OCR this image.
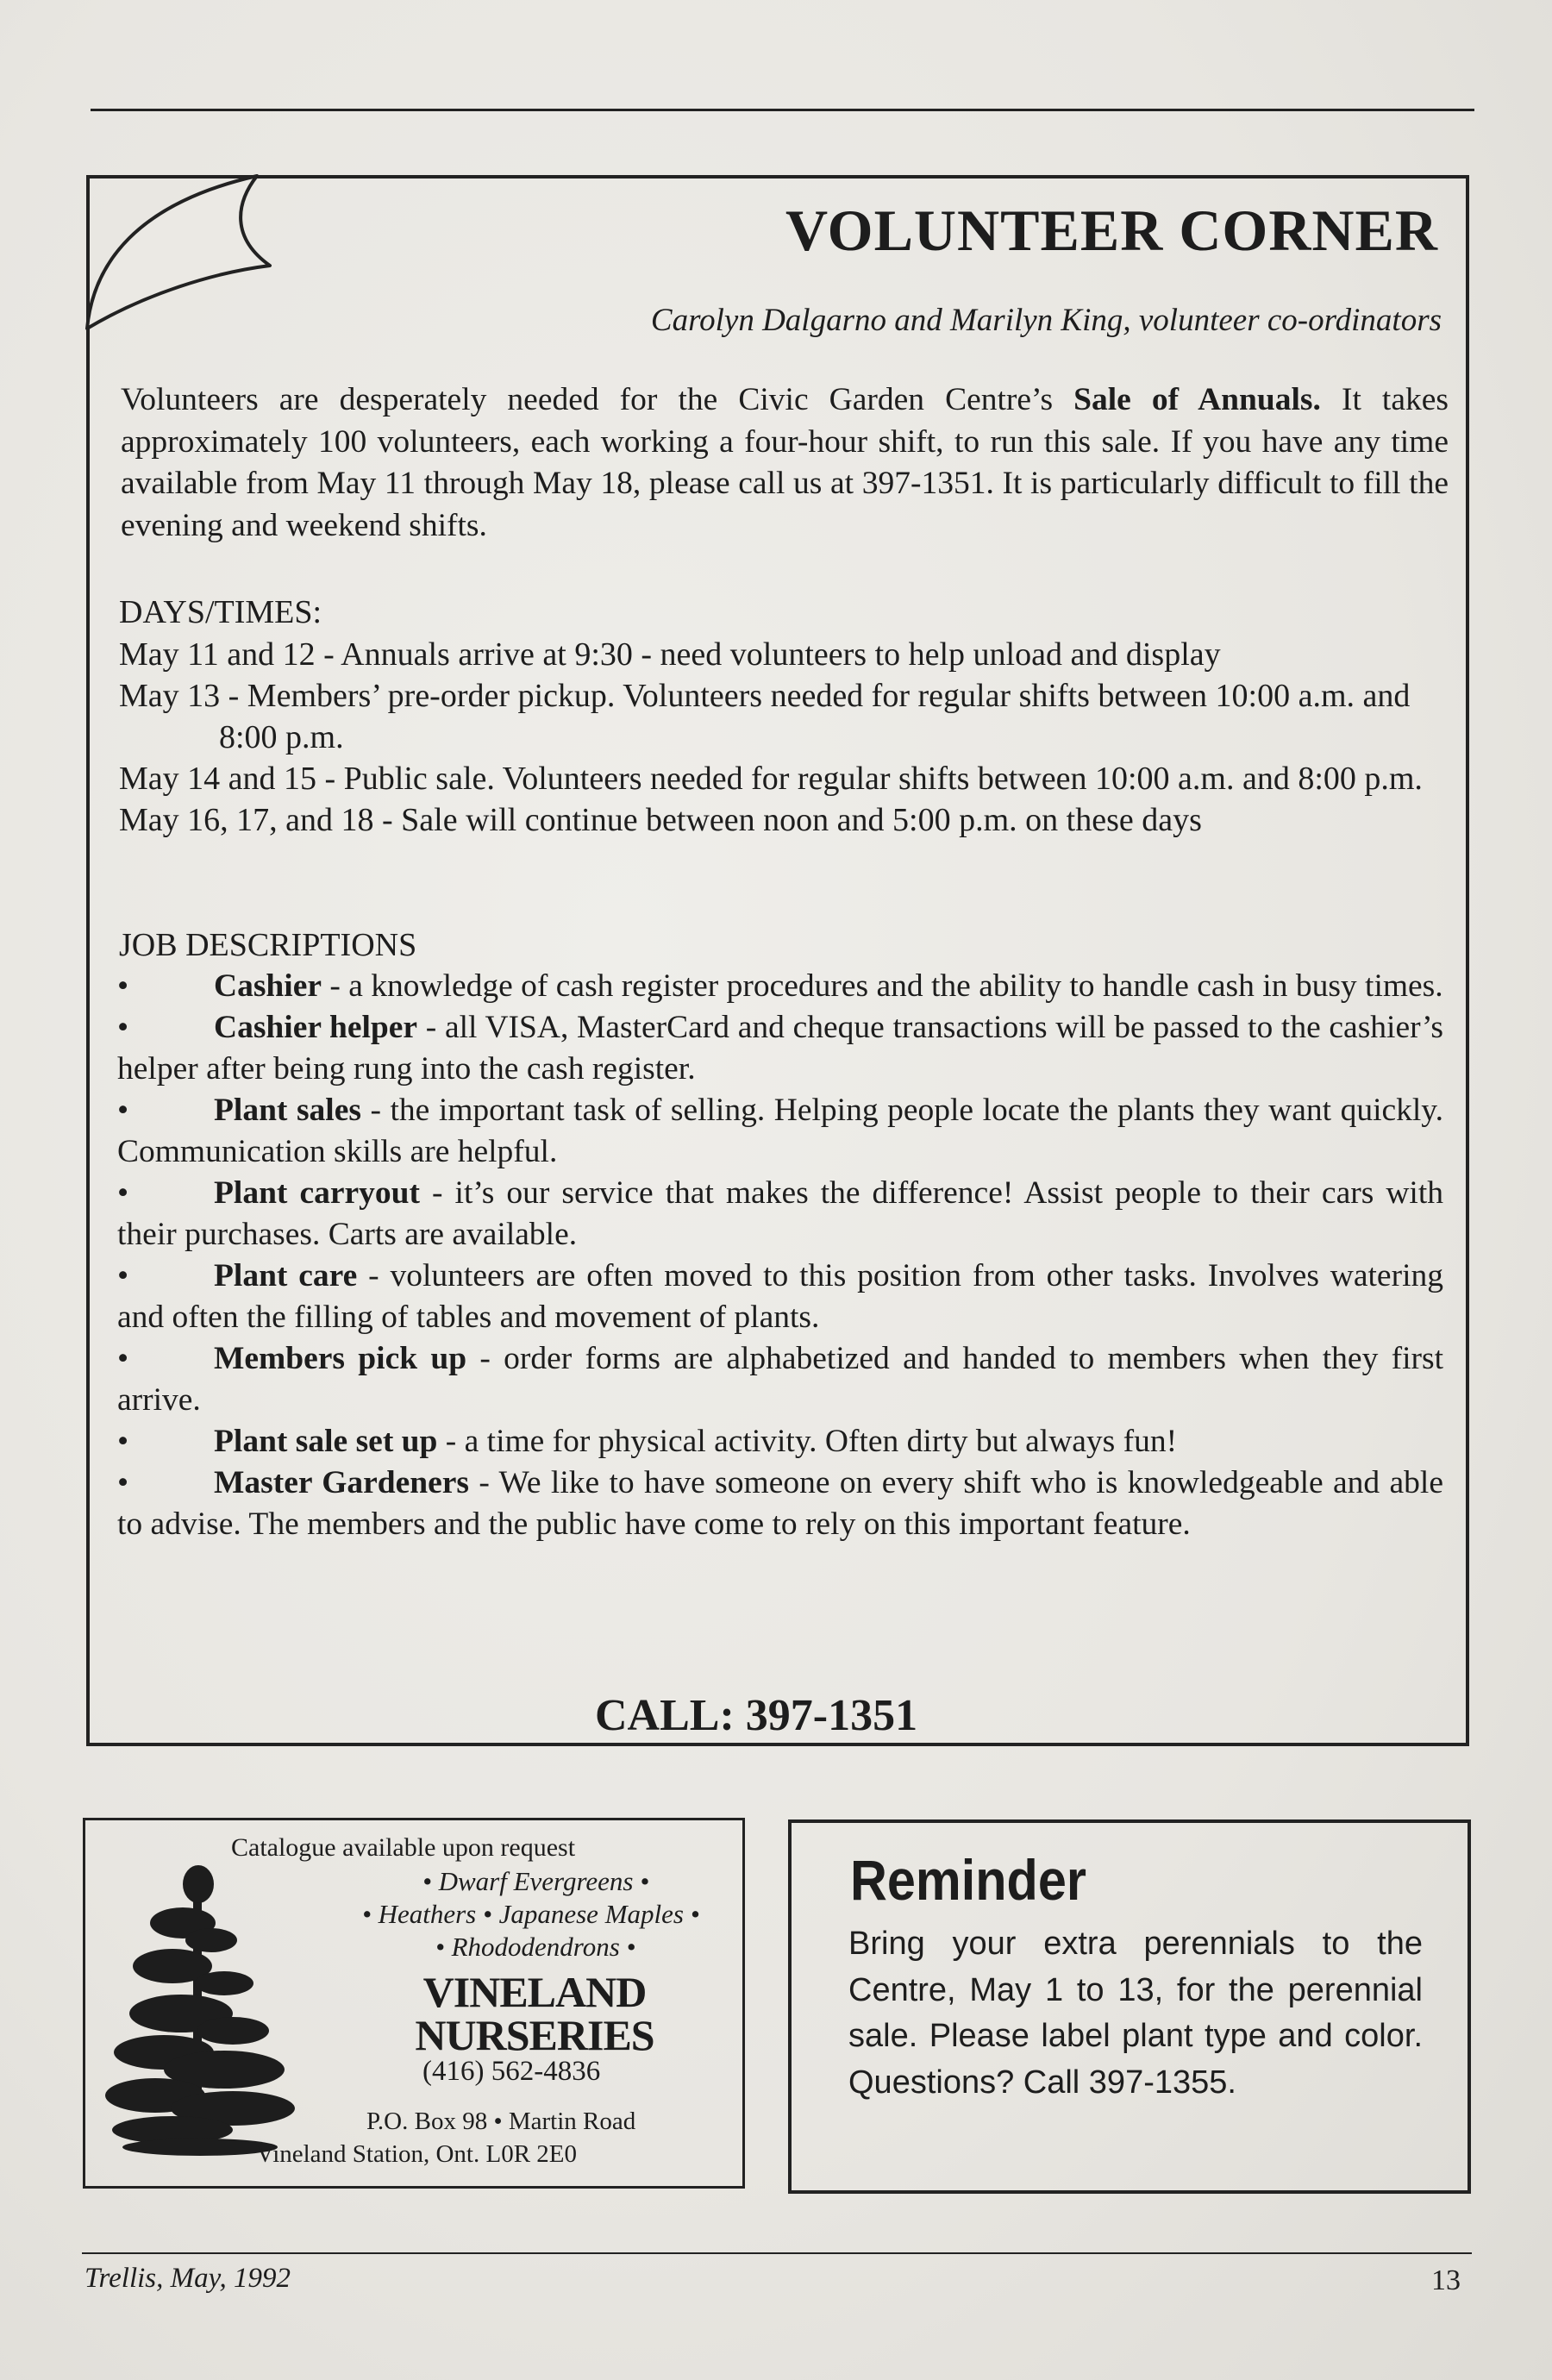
VOLUNTEER CORNER
Carolyn Dalgarno and Marilyn King, volunteer co-ordinators

Volunteers are desperately needed for the Civic Garden Centre’s Sale of Annuals. It takes approximately 100 volunteers, each working a four-hour shift, to run this sale. If you have any time available from May 11 through May 18, please call us at 397-1351. It is particularly difficult to fill the evening and weekend shifts.

DAYS/TIMES:
May 11 and 12 - Annuals arrive at 9:30 - need volunteers to help unload and display
May 13 - Members’ pre-order pickup. Volunteers needed for regular shifts between 10:00 a.m. and 8:00 p.m.
May 14 and 15 - Public sale. Volunteers needed for regular shifts between 10:00 a.m. and 8:00 p.m.
May 16, 17, and 18 - Sale will continue between noon and 5:00 p.m. on these days
JOB DESCRIPTIONS
•	Cashier - a knowledge of cash register procedures and the ability to handle cash in busy times.
•	Cashier helper - all VISA, MasterCard and cheque transactions will be passed to the cashier’s helper after being rung into the cash register.
•	Plant sales - the important task of selling. Helping people locate the plants they want quickly. Communication skills are helpful.
•	Plant carryout - it’s our service that makes the difference! Assist people to their cars with their purchases. Carts are available.
•	Plant care - volunteers are often moved to this position from other tasks. Involves watering and often the filling of tables and movement of plants.
•	Members pick up - order forms are alphabetized and handed to members when they first arrive.
•	Plant sale set up - a time for physical activity. Often dirty but always fun!
•	Master Gardeners - We like to have someone on every shift who is knowledgeable and able to advise. The members and the public have come to rely on this important feature.
CALL: 397-1351
Catalogue available upon request
• Dwarf Evergreens •
• Heathers • Japanese Maples •
• Rhododendrons •
VINELAND
NURSERIES
(416) 562-4836
P.O. Box 98 • Martin Road
Vineland Station, Ont. L0R 2E0
Reminder

Bring your extra perennials to the Centre, May 1 to 13, for the perennial sale. Please label plant type and color. Questions? Call 397-1355.

Trellis, May, 1992	13
